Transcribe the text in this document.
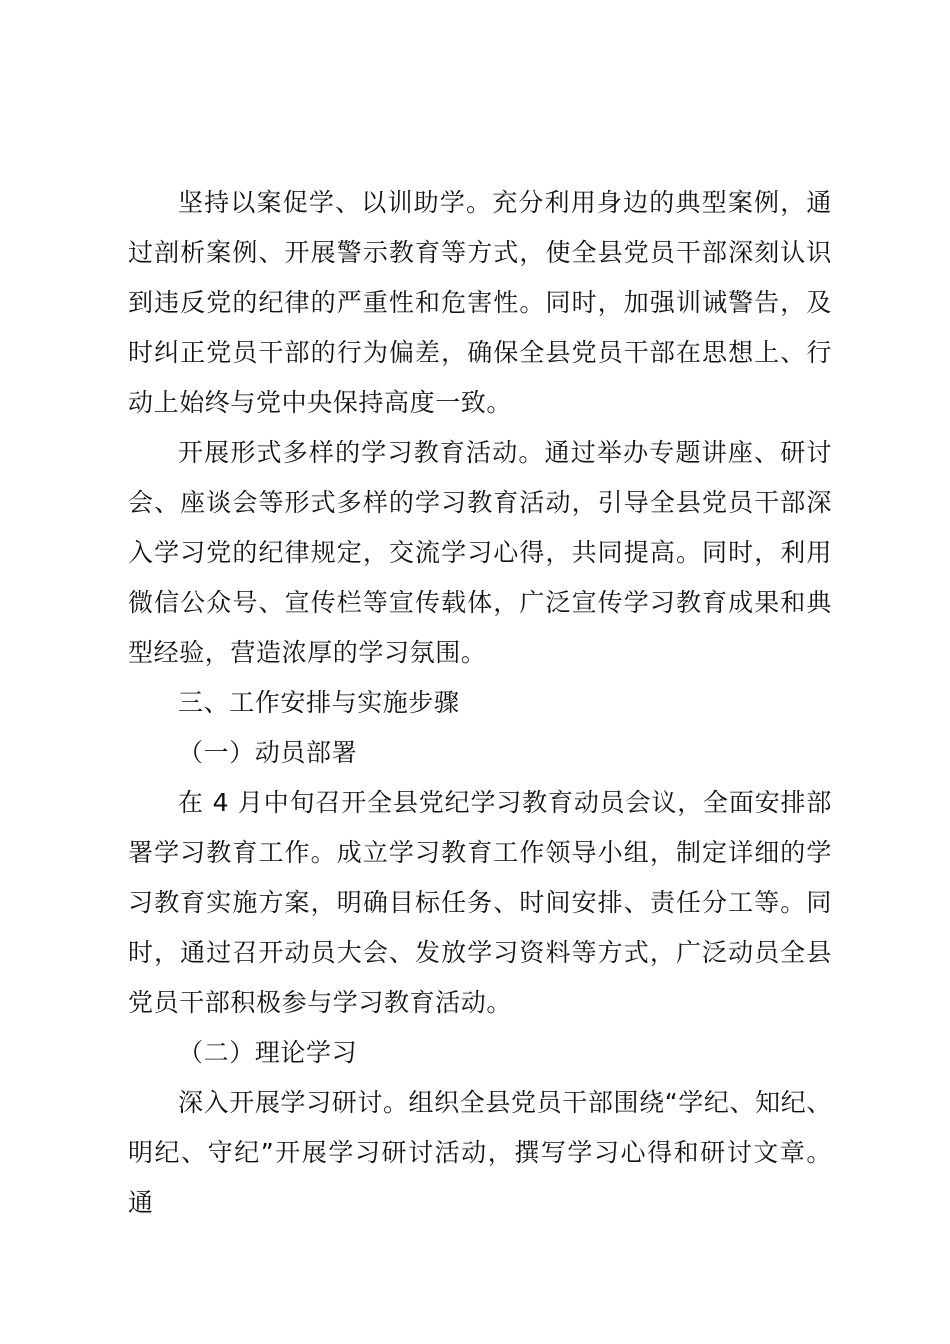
坚持以案促学、以训助学。充分利用身边的典型案例，通过剖析案例、开展警示教育等方式，使全县党员干部深刻认识到违反党的纪律的严重性和危害性。同时，加强训诫警告，及时纠正党员干部的行为偏差，确保全县党员干部在思想上、行动上始终与党中央保持高度一致。

开展形式多样的学习教育活动。通过举办专题讲座、研讨会、座谈会等形式多样的学习教育活动，引导全县党员干部深入学习党的纪律规定，交流学习心得，共同提高。同时，利用微信公众号、宣传栏等宣传载体，广泛宣传学习教育成果和典型经验，营造浓厚的学习氛围。

三、工作安排与实施步骤

（一）动员部署

在 4 月中旬召开全县党纪学习教育动员会议，全面安排部署学习教育工作。成立学习教育工作领导小组，制定详细的学习教育实施方案，明确目标任务、时间安排、责任分工等。同时，通过召开动员大会、发放学习资料等方式，广泛动员全县党员干部积极参与学习教育活动。

（二）理论学习

深入开展学习研讨。组织全县党员干部围绕“学纪、知纪、明纪、守纪”开展学习研讨活动，撰写学习心得和研讨文章。通
